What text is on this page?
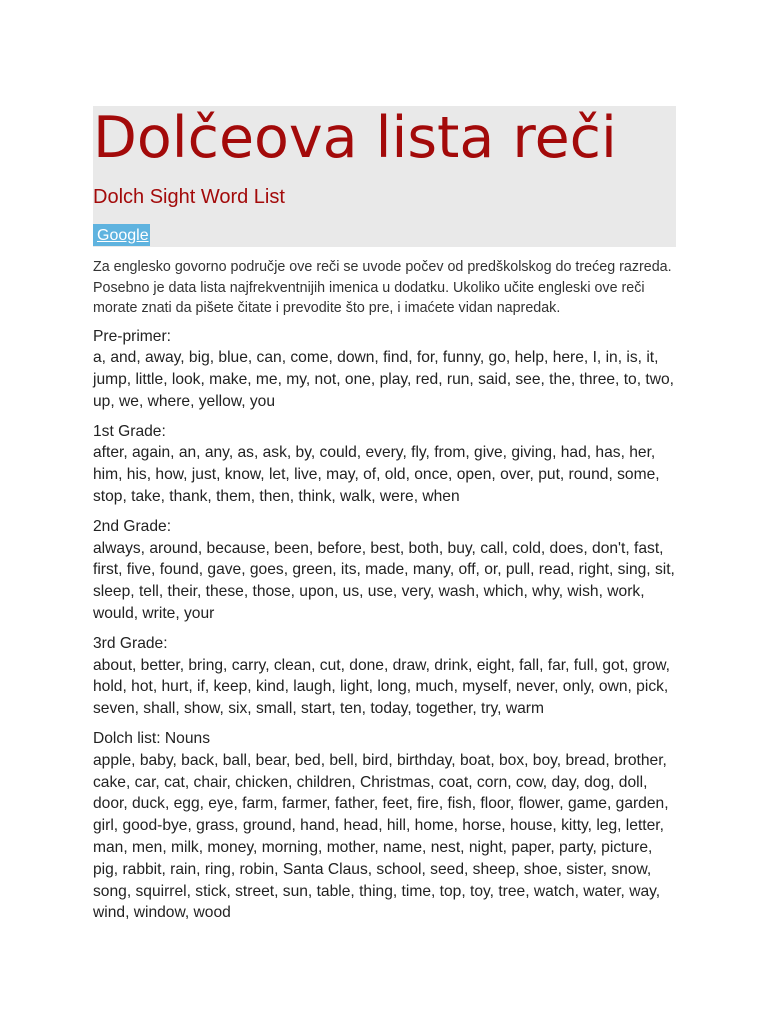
Dolčeova lista reči
Dolch Sight Word List
Google

Za englesko govorno područje ove reči se uvode počev od predškolskog do trećeg razreda. Posebno je data lista najfrekventnijih imenica u dodatku. Ukoliko učite engleski ove reči morate znati da pišete čitate i prevodite što pre, i imaćete vidan napredak.

Pre-primer:
a, and, away, big, blue, can, come, down, find, for, funny, go, help, here, I, in, is, it, jump, little, look, make, me, my, not, one, play, red, run, said, see, the, three, to, two, up, we, where, yellow, you
1st Grade:
after, again, an, any, as, ask, by, could, every, fly, from, give, giving, had, has, her, him, his, how, just, know, let, live, may, of, old, once, open, over, put, round, some, stop, take, thank, them, then, think, walk, were, when
2nd Grade:
always, around, because, been, before, best, both, buy, call, cold, does, don't, fast, first, five, found, gave, goes, green, its, made, many, off, or, pull, read, right, sing, sit, sleep, tell, their, these, those, upon, us, use, very, wash, which, why, wish, work, would, write, your
3rd Grade:
about, better, bring, carry, clean, cut, done, draw, drink, eight, fall, far, full, got, grow, hold, hot, hurt, if, keep, kind, laugh, light, long, much, myself, never, only, own, pick, seven, shall, show, six, small, start, ten, today, together, try, warm
Dolch list: Nouns
apple, baby, back, ball, bear, bed, bell, bird, birthday, boat, box, boy, bread, brother, cake, car, cat, chair, chicken, children, Christmas, coat, corn, cow, day, dog, doll, door, duck, egg, eye, farm, farmer, father, feet, fire, fish, floor, flower, game, garden, girl, good-bye, grass, ground, hand, head, hill, home, horse, house, kitty, leg, letter, man, men, milk, money, morning, mother, name, nest, night, paper, party, picture, pig, rabbit, rain, ring, robin, Santa Claus, school, seed, sheep, shoe, sister, snow, song, squirrel, stick, street, sun, table, thing, time, top, toy, tree, watch, water, way, wind, window, wood
